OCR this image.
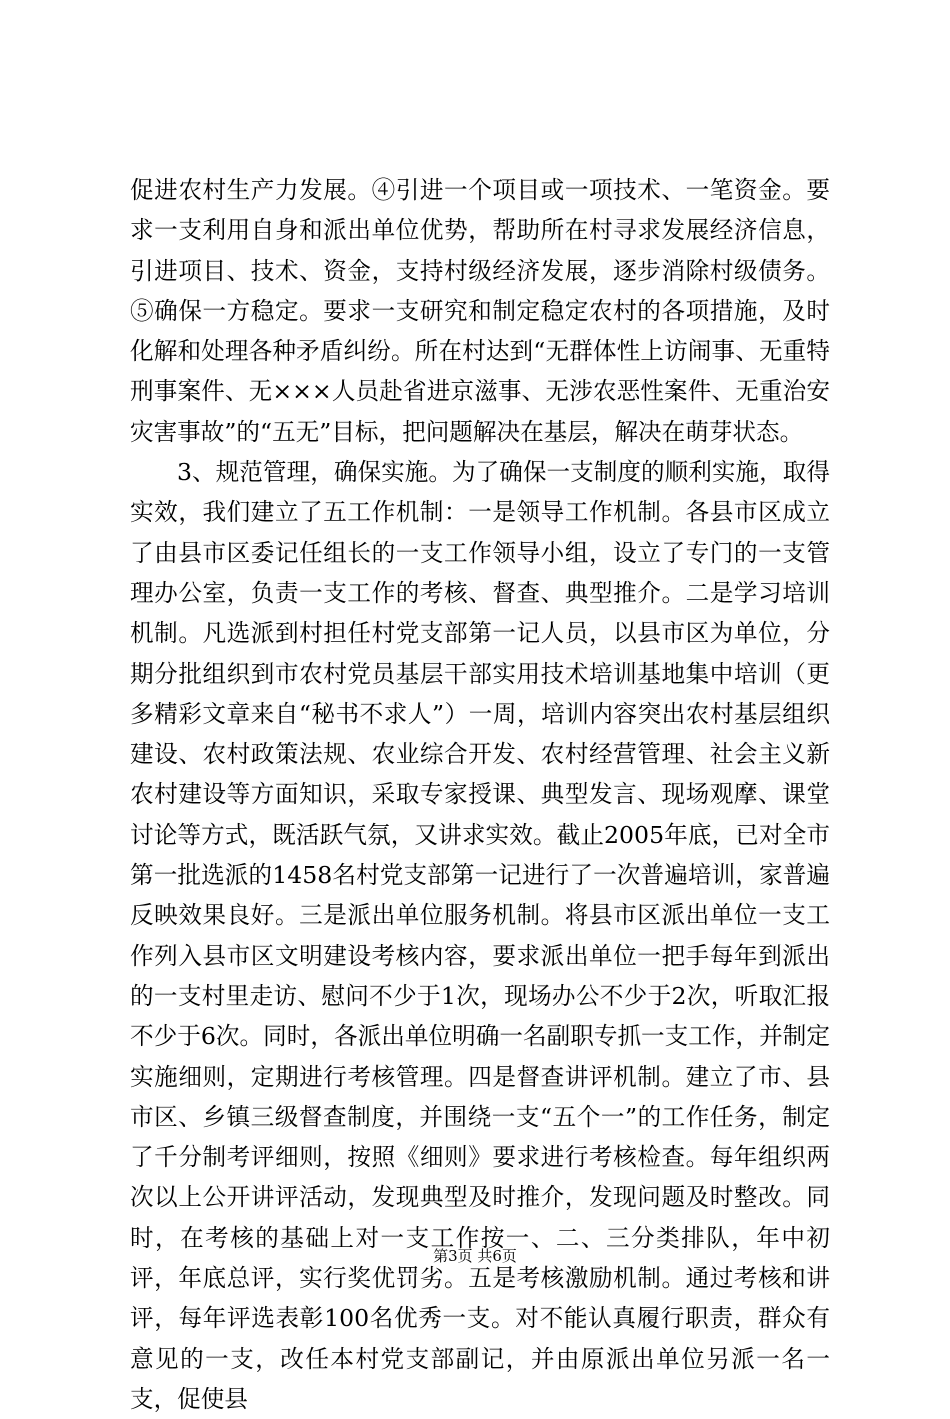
促进农村生产力发展。④引进一个项目或一项技术、一笔资金。要求一支利用自身和派出单位优势，帮助所在村寻求发展经济信息，引进项目、技术、资金，支持村级经济发展，逐步消除村级债务。⑤确保一方稳定。要求一支研究和制定稳定农村的各项措施，及时化解和处理各种矛盾纠纷。所在村达到“无群体性上访闹事、无重特刑事案件、无×××人员赴省进京滋事、无涉农恶性案件、无重治安灾害事故”的“五无”目标，把问题解决在基层，解决在萌芽状态。

3、规范管理，确保实施。为了确保一支制度的顺利实施，取得实效，我们建立了五工作机制：一是领导工作机制。各县市区成立了由县市区委记任组长的一支工作领导小组，设立了专门的一支管理办公室，负责一支工作的考核、督查、典型推介。二是学习培训机制。凡选派到村担任村党支部第一记人员，以县市区为单位，分期分批组织到市农村党员基层干部实用技术培训基地集中培训（更多精彩文章来自“秘书不求人”）一周，培训内容突出农村基层组织建设、农村政策法规、农业综合开发、农村经营管理、社会主义新农村建设等方面知识，采取专家授课、典型发言、现场观摩、课堂讨论等方式，既活跃气氛，又讲求实效。截止2005年底，已对全市第一批选派的1458名村党支部第一记进行了一次普遍培训，家普遍反映效果良好。三是派出单位服务机制。将县市区派出单位一支工作列入县市区文明建设考核内容，要求派出单位一把手每年到派出的一支村里走访、慰问不少于1次，现场办公不少于2次，听取汇报不少于6次。同时，各派出单位明确一名副职专抓一支工作，并制定实施细则，定期进行考核管理。四是督查讲评机制。建立了市、县市区、乡镇三级督查制度，并围绕一支“五个一”的工作任务，制定了千分制考评细则，按照《细则》要求进行考核检查。每年组织两次以上公开讲评活动，发现典型及时推介，发现问题及时整改。同时，在考核的基础上对一支工作按一、二、三分类排队，年中初评，年底总评，实行奖优罚劣。五是考核激励机制。通过考核和讲评，每年评选表彰100名优秀一支。对不能认真履行职责，群众有意见的一支，改任本村党支部副记，并由原派出单位另派一名一支，促使县

第3页 共6页
